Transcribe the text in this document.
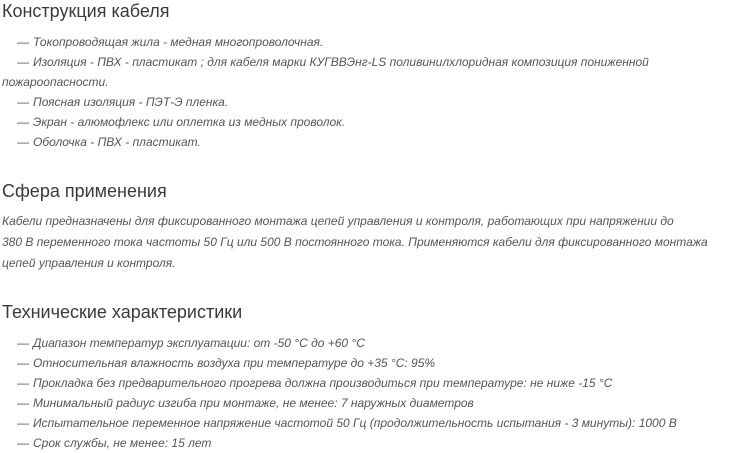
Конструкция кабеля
— Токопроводящая жила - медная многопроволочная.
— Изоляция - ПВХ - пластикат ; для кабеля марки КУГВВЭнг-LS поливинилхлоридная композиция пониженной
пожароопасности.
— Поясная изоляция - ПЭТ-Э пленка.
— Экран - алюмофлекс или оплетка из медных проволок.
— Оболочка - ПВХ - пластикат.
Сфера применения

Кабели предназначены для фиксированного монтажа цепей управления и контроля, работающих при напряжении до
380 В переменного тока частоты 50 Гц или 500 В постоянного тока. Применяются кабели для фиксированного монтажа
цепей управления и контроля.

Технические характеристики
— Диапазон температур эксплуатации: от -50 °C до +60 °C
— Относительная влажность воздуха при температуре до +35 °C: 95%
— Прокладка без предварительного прогрева должна производиться при температуре: не ниже -15 °C
— Минимальный радиус изгиба при монтаже, не менее: 7 наружных диаметров
— Испытательное переменное напряжение частотой 50 Гц (продолжительность испытания - 3 минуты): 1000 В
— Срок службы, не менее: 15 лет
